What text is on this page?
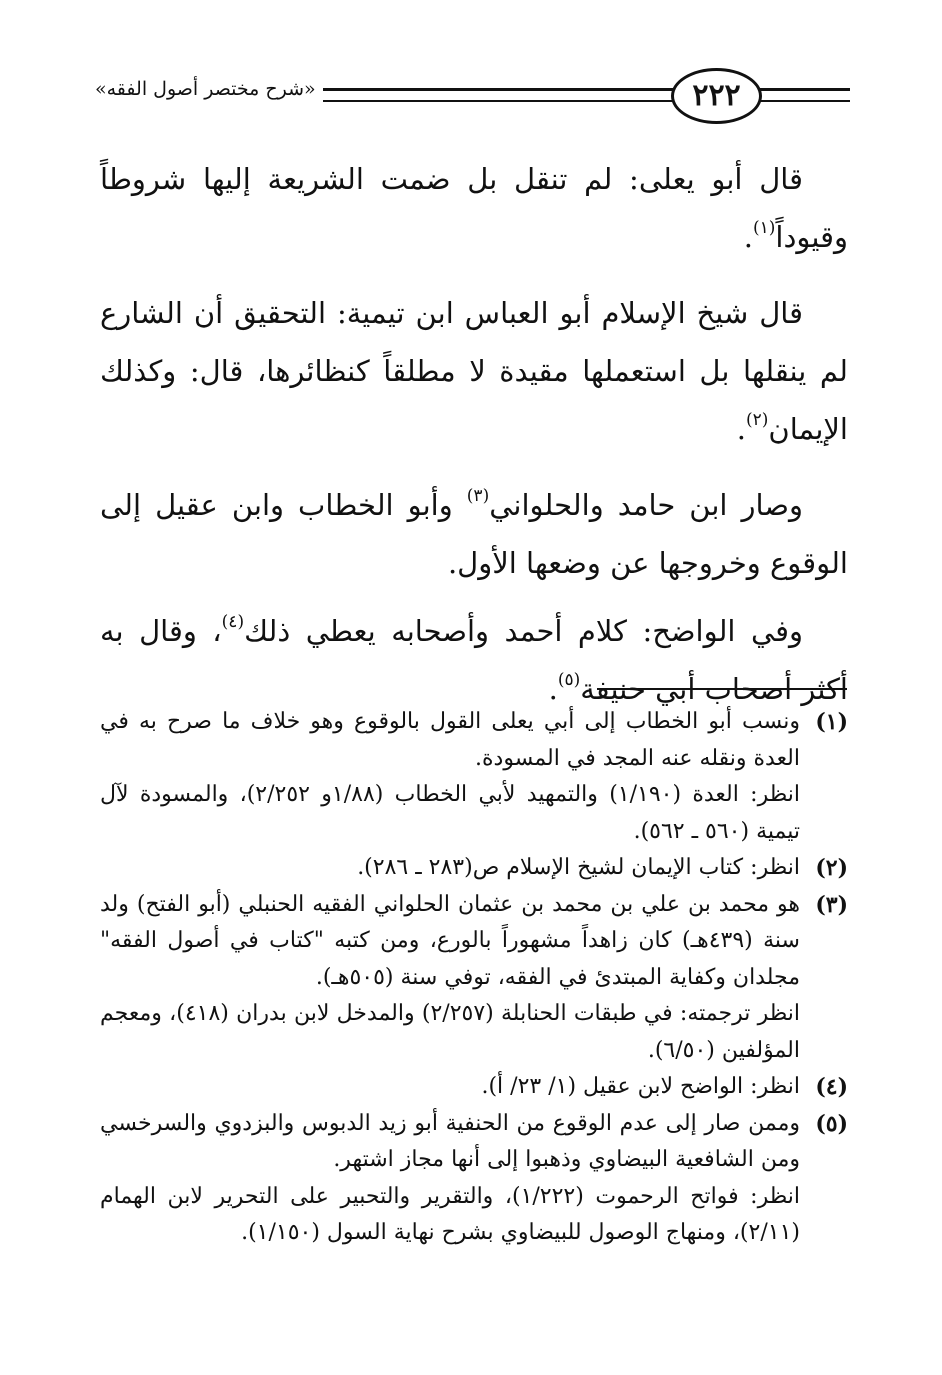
٢٢٢
«شرح مختصر أصول الفقه»

قال أبو يعلى: لم تنقل بل ضمت الشريعة إليها شروطاً وقيوداً$^{(١)}$.

قال شيخ الإسلام أبو العباس ابن تيمية: التحقيق أن الشارع لم ينقلها بل استعملها مقيدة لا مطلقاً كنظائرها، قال: وكذلك الإيمان$^{(٢)}$.

وصار ابن حامد والحلواني$^{(٣)}$ وأبو الخطاب وابن عقيل إلى الوقوع وخروجها عن وضعها الأول.

وفي الواضح: كلام أحمد وأصحابه يعطي ذلك$^{(٤)}$، وقال به أكثر أصحاب أبي حنيفة$^{(٥)}$.

(١)
ونسب أبو الخطاب إلى أبي يعلى القول بالوقوع وهو خلاف ما صرح به في العدة ونقله عنه المجد في المسودة.
انظر: العدة (١/١٩٠) والتمهيد لأبي الخطاب (١/٨٨و ٢/٢٥٢)، والمسودة لآل تيمية (٥٦٠ ـ ٥٦٢).
(٢)
انظر: كتاب الإيمان لشيخ الإسلام ص(٢٨٣ ـ ٢٨٦).
(٣)
هو محمد بن علي بن محمد بن عثمان الحلواني الفقيه الحنبلي (أبو الفتح) ولد سنة (٤٣٩هـ) كان زاهداً مشهوراً بالورع، ومن كتبه "كتاب في أصول الفقه" مجلدان وكفاية المبتدئ في الفقه، توفي سنة (٥٠٥هـ).
انظر ترجمته: في طبقات الحنابلة (٢/٢٥٧) والمدخل لابن بدران (٤١٨)، ومعجم المؤلفين (٦/٥٠).
(٤)
انظر: الواضح لابن عقيل (١/ ٢٣/ أ).
(٥)
وممن صار إلى عدم الوقوع من الحنفية أبو زيد الدبوس والبزدوي والسرخسي ومن الشافعية البيضاوي وذهبوا إلى أنها مجاز اشتهر.
انظر: فواتح الرحموت (١/٢٢٢)، والتقرير والتحبير على التحرير لابن الهمام (٢/١١)، ومنهاج الوصول للبيضاوي بشرح نهاية السول (١/١٥٠).
